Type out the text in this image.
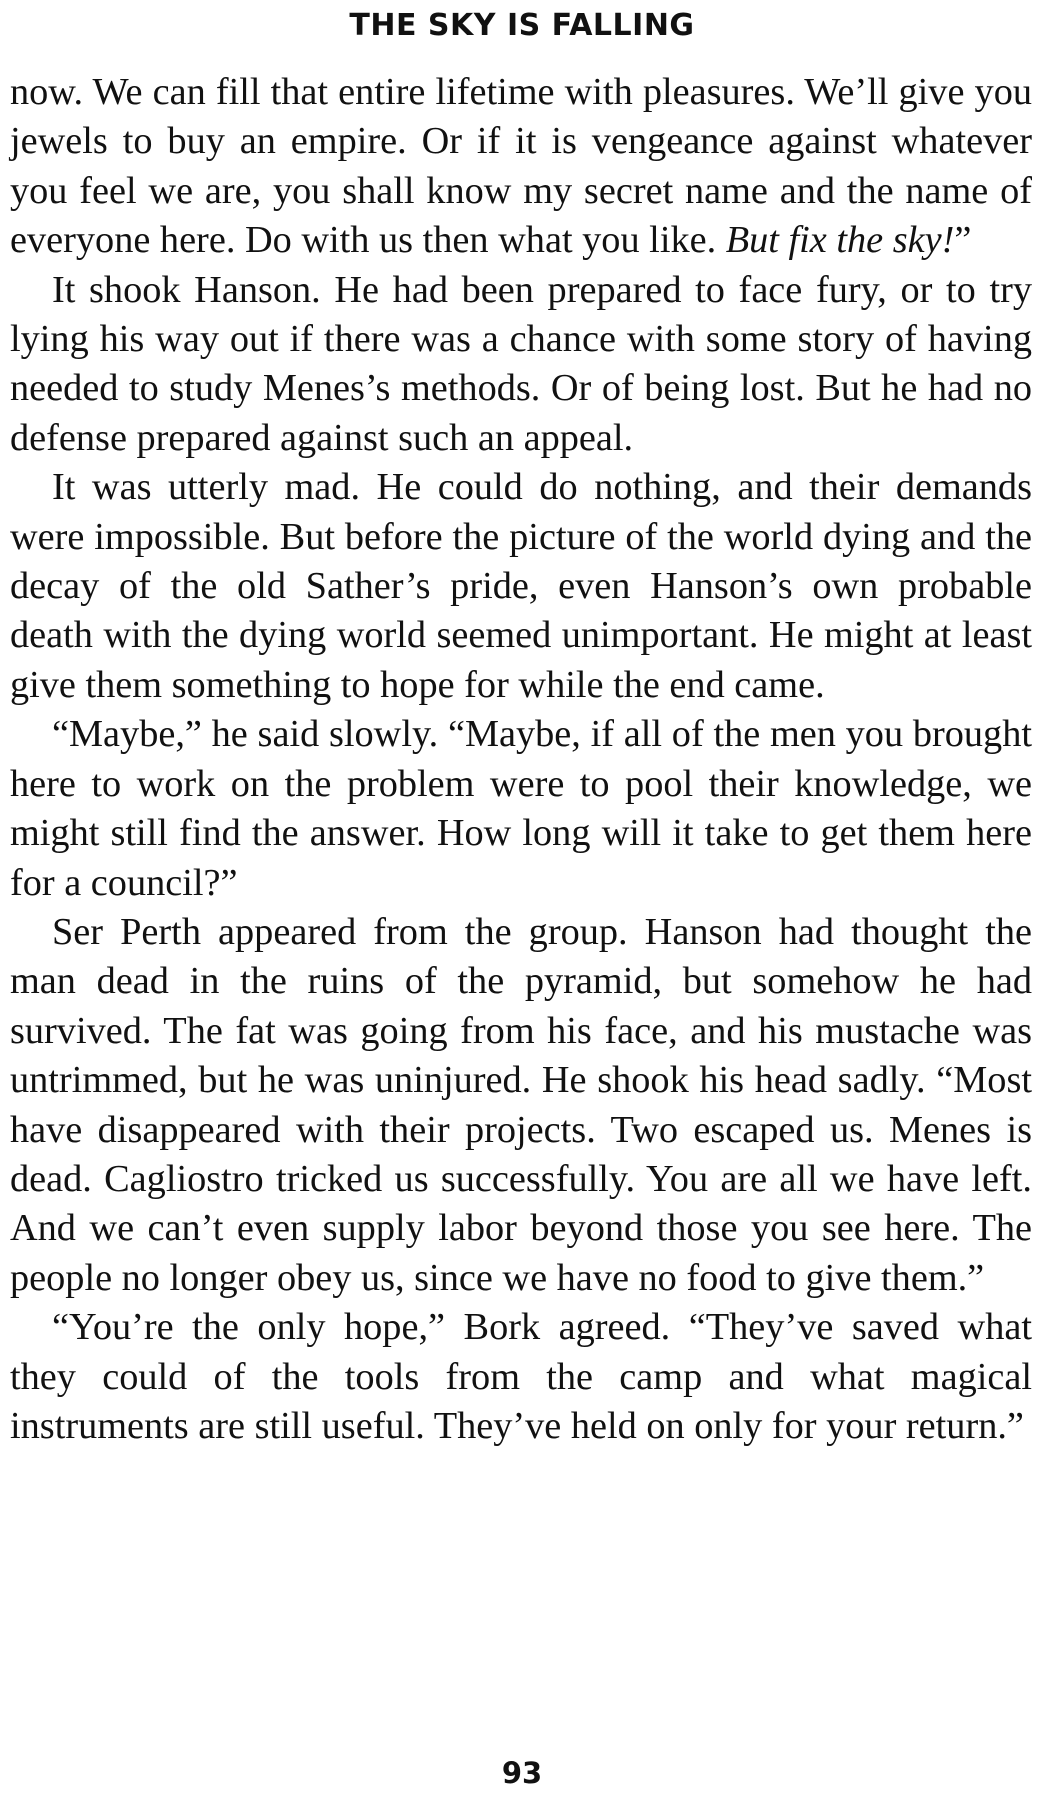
THE SKY IS FALLING

now. We can fill that entire lifetime with pleasures. We’ll give you jewels to buy an empire. Or if it is vengeance against whatever you feel we are, you shall know my secret name and the name of everyone here. Do with us then what you like. But fix the sky!”

It shook Hanson. He had been prepared to face fury, or to try lying his way out if there was a chance with some story of having needed to study Menes’s methods. Or of being lost. But he had no defense prepared against such an appeal.

It was utterly mad. He could do nothing, and their demands were impossible. But before the picture of the world dying and the decay of the old Sather’s pride, even Hanson’s own probable death with the dying world seemed unimportant. He might at least give them something to hope for while the end came.

“Maybe,” he said slowly. “Maybe, if all of the men you brought here to work on the problem were to pool their knowledge, we might still find the answer. How long will it take to get them here for a council?”

Ser Perth appeared from the group. Hanson had thought the man dead in the ruins of the pyramid, but somehow he had survived. The fat was going from his face, and his mustache was untrimmed, but he was uninjured. He shook his head sadly. “Most have disappeared with their projects. Two escaped us. Menes is dead. Cagliostro tricked us successfully. You are all we have left. And we can’t even supply labor beyond those you see here. The people no longer obey us, since we have no food to give them.”

“You’re the only hope,” Bork agreed. “They’ve saved what they could of the tools from the camp and what magical instruments are still useful. They’ve held on only for your return.”

93
